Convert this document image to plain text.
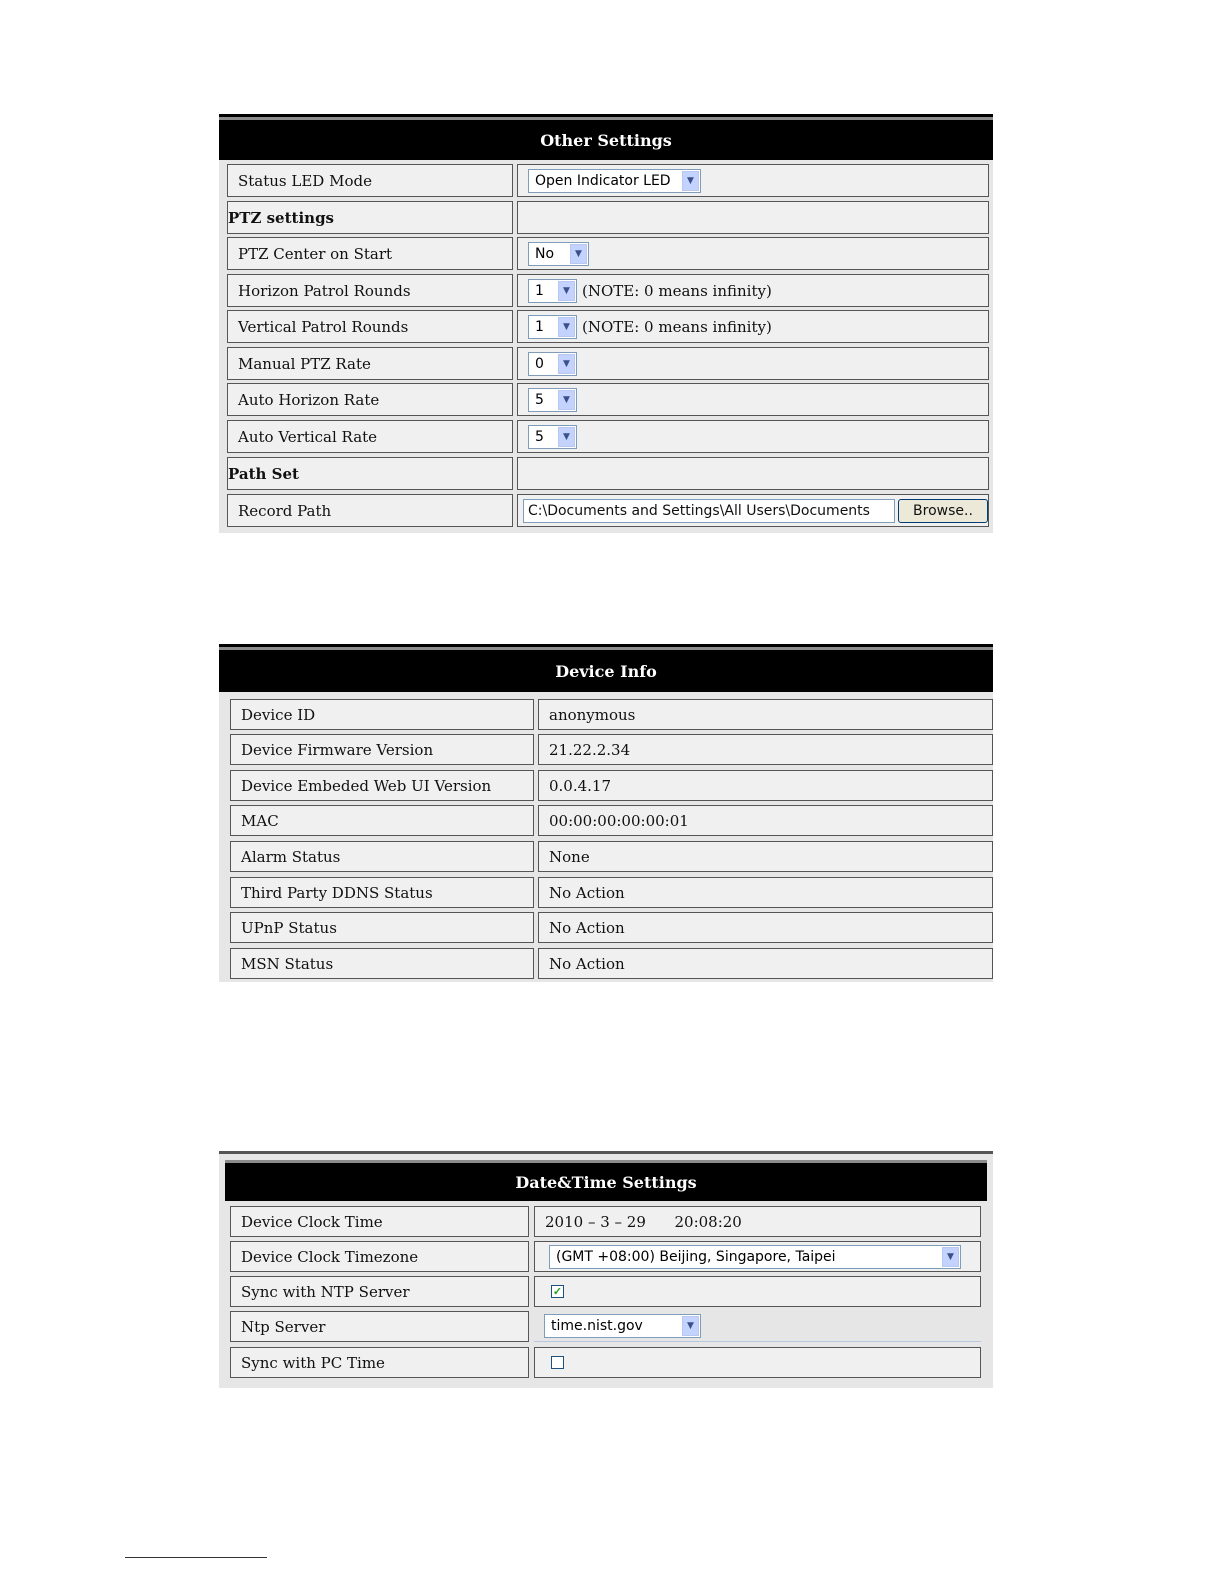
Other Settings
Status LED Mode	Open Indicator LED	▼
PTZ settings
PTZ Center on Start	No	▼
Horizon Patrol Rounds	1	▼ (NOTE: 0 means infinity)
Vertical Patrol Rounds	1	▼ (NOTE: 0 means infinity)
Manual PTZ Rate	0	▼
Auto Horizon Rate	5	▼
Auto Vertical Rate	5	▼
Path Set
Record Path	C:\Documents and Settings\All Users\Documents	Browse..
Device Info
Device ID	anonymous
Device Firmware Version	21.22.2.34
Device Embeded Web UI Version	0.0.4.17
MAC	00:00:00:00:00:01
Alarm Status	None
Third Party DDNS Status	No Action
UPnP Status	No Action
MSN Status	No Action
Date&Time Settings
Device Clock Time	2010 – 3 – 29      20:08:20
Device Clock Timezone	(GMT +08:00) Beijing, Singapore, Taipei	▼
Sync with NTP Server	✓
Ntp Server	time.nist.gov	▼
Sync with PC Time
